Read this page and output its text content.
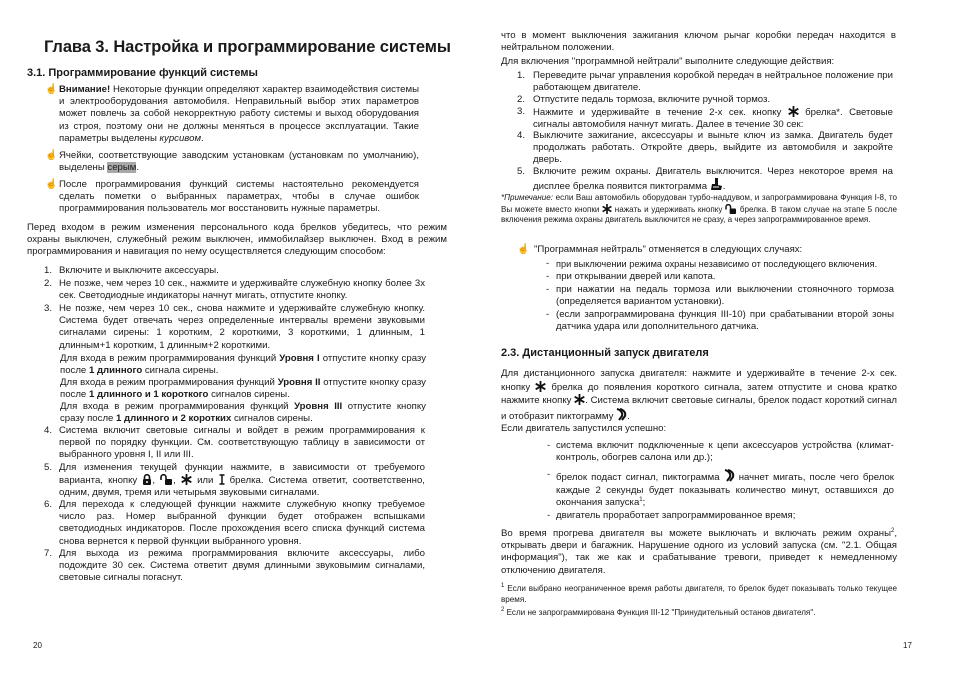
Глава 3. Настройка и программирование системы
3.1. Программирование функций системы
☝ Внимание! Некоторые функции определяют характер взаимодействия системы и электрооборудования автомобиля. Неправильный выбор этих параметров может повлечь за собой некорректную работу системы и выход оборудования из строя, поэтому они не должны меняться в процессе эксплуатации. Такие параметры выделены курсивом.
☝ Ячейки, соответствующие заводским установкам (установкам по умолчанию), выделены серым.
☝ После программирования функций системы настоятельно рекомендуется сделать пометки о выбранных параметрах, чтобы в случае ошибок программирования пользователь мог восстановить нужные параметры.
Перед входом в режим изменения персонального кода брелков убедитесь, что режим охраны выключен, служебный режим выключен, иммобилайзер выключен. Вход в режим программирования и навигация по нему осуществляется следующим способом:
1. Включите и выключите аксессуары.
2. Не позже, чем через 10 сек., нажмите и удерживайте служебную кнопку более 3х сек. Светодиодные индикаторы начнут мигать, отпустите кнопку.
3. Не позже, чем через 10 сек., снова нажмите и удерживайте служебную кнопку. Система будет отвечать через определенные интервалы времени звуковыми сигналами сирены: 1 коротким, 2 короткими, 3 короткими, 1 длинным, 1 длинным+1 коротким, 1 длинным+2 короткими.
Для входа в режим программирования функций Уровня I отпустите кнопку сразу после 1 длинного сигнала сирены.
Для входа в режим программирования функций Уровня II отпустите кнопку сразу после 1 длинного и 1 короткого сигналов сирены.
Для входа в режим программирования функций Уровня III отпустите кнопку сразу после 1 длинного и 2 коротких сигналов сирены.
4. Система включит световые сигналы и войдет в режим программирования к первой по порядку функции. См. соответствующую таблицу в зависимости от выбранного уровня I, II или III.
5. Для изменения текущей функции нажмите, в зависимости от требуемого варианта, кнопку , ,  или  брелка. Система ответит, соответственно, одним, двумя, тремя или четырьмя звуковыми сигналами.
6. Для перехода к следующей функции нажмите служебную кнопку требуемое число раз. Номер выбранной функции будет отображен вспышками светодиодных индикаторов. После прохождения всего списка функций система снова вернется к первой функции выбранного уровня.
7. Для выхода из режима программирования включите аксессуары, либо подождите 30 сек. Система ответит двумя длинными звуковымим сигналами, световые сигналы погаснут.
20
что в момент выключения зажигания ключом рычаг коробки передач находится в нейтральном положении.
Для включения "программной нейтрали" выполните следующие действия:
1. Переведите рычаг управления коробкой передач в нейтральное положение при работающем двигателе.
2. Отпустите педаль тормоза, включите ручной тормоз.
3. Нажмите и удерживайте в течение 2-х сек. кнопку  брелка*. Световые сигналы автомобиля начнут мигать. Далее в течение 30 сек:
4. Выключите зажигание, аксессуары и выньте ключ из замка. Двигатель будет продолжать работать. Откройте дверь, выйдите из автомобиля и закройте дверь.
5. Включите режим охраны. Двигатель выключится. Через некоторое время на дисплее брелка появится пиктограмма .
*Примечание: если Ваш автомобиль оборудован турбо-наддувом, и запрограммирована Функция I-8, то Вы можете вместо кнопки  нажать и удерживать кнопку  брелка. В таком случае на этапе 5 после включения режима охраны двигатель выключится не сразу, а через запрограммированное время.
☝ "Программная нейтраль" отменяется в следующих случаях:
- при выключении режима охраны независимо от последующего включения.
- при открывании дверей или капота.
- при нажатии на педаль тормоза или выключении стояночного тормоза (определяется вариантом установки).
- (если запрограммирована функция III-10) при срабатывании второй зоны датчика удара или дополнительного датчика.
2.3. Дистанционный запуск двигателя
Для дистанционного запуска двигателя: нажмите и удерживайте в течение 2-х сек. кнопку  брелка до появления короткого сигнала, затем отпустите и снова кратко нажмите кнопку . Система включит световые сигналы, брелок подаст короткий сигнал и отобразит пиктограмму .
Если двигатель запустился успешно:
- система включит подключенные к цепи аксессуаров устройства (климат-контроль, обогрев салона или др.);
- брелок подаст сигнал, пиктограмма  начнет мигать, после чего брелок каждые 2 секунды будет показывать количество минут, оставшихся до окончания запуска$^1$;
- двигатель проработает запрограммированное время;
Во время прогрева двигателя вы можете выключать и включать режим охраны$^2$, открывать двери и багажник. Нарушение одного из условий запуска (см. "2.1. Общая информация"), так же как и срабатывание тревоги, приведет к немедленному отключению двигателя.
$^1$ Если выбрано неограниченное время работы двигателя, то брелок будет показывать только текущее время.
$^2$ Если не запрограммирована Функция III-12 "Принудительный останов двигателя".
17
